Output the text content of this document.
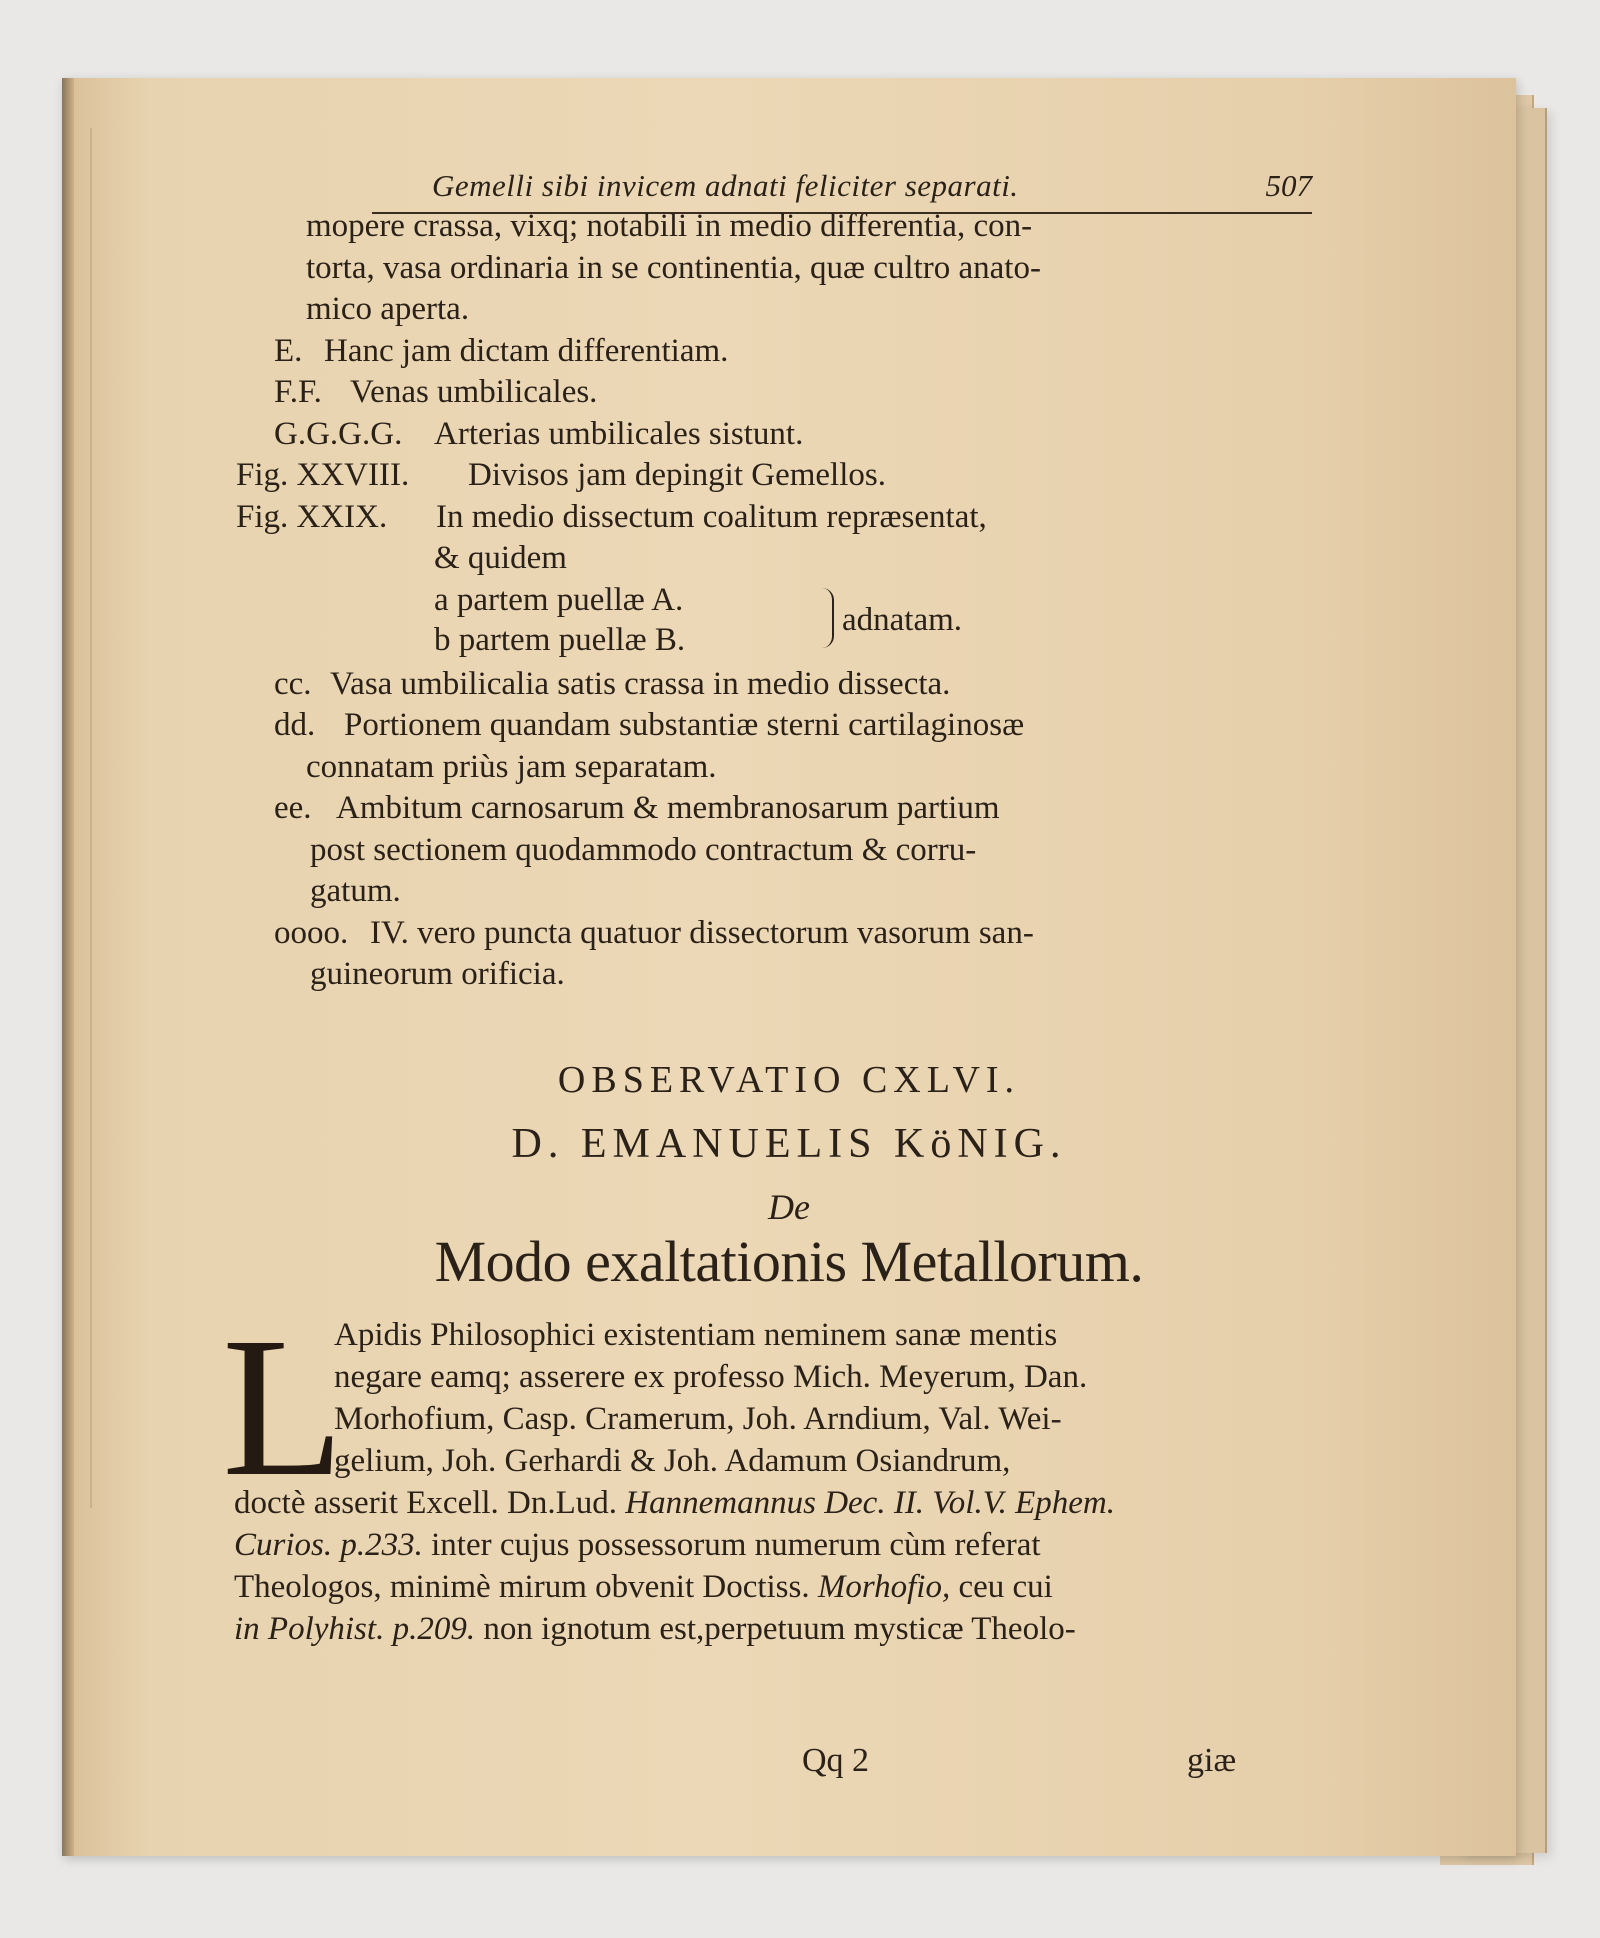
Gemelli sibi invicem adnati feliciter separati.	507
mopere crassa, vixq; notabili in medio differentia, con-
torta, vasa ordinaria in se continentia, quæ cultro anato-
mico aperta.
E. Hanc jam dictam differentiam.
F.F. Venas umbilicales.
G.G.G.G. Arterias umbilicales sistunt.
Fig. XXVIII. Divisos jam depingit Gemellos.
Fig. XXIX. In medio dissectum coalitum repræsentat,
& quidem
a partem puellæ A.
b partem puellæ B.
adnatam.
cc. Vasa umbilicalia satis crassa in medio dissecta.
dd. Portionem quandam substantiæ sterni cartilaginosæ
connatam priùs jam separatam.
ee. Ambitum carnosarum & membranosarum partium
post sectionem quodammodo contractum & corru-
gatum.
oooo. IV. vero puncta quatuor dissectorum vasorum san-
guineorum orificia.
OBSERVATIO CXLVI.
D. EMANUELIS KöNIG.
De
Modo exaltationis Metallorum.
L
Apidis Philosophici existentiam neminem sanæ mentis
negare eamq; asserere ex professo Mich. Meyerum, Dan.
Morhofium, Casp. Cramerum, Joh. Arndium, Val. Wei-
gelium, Joh. Gerhardi & Joh. Adamum Osiandrum,
doctè asserit Excell. Dn.Lud. Hannemannus Dec. II. Vol.V. Ephem.
Curios. p.233. inter cujus possessorum numerum cùm referat
Theologos, minimè mirum obvenit Doctiss. Morhofio, ceu cui
in Polyhist. p.209. non ignotum est,perpetuum mysticæ Theolo-
Qq 2	giæ
